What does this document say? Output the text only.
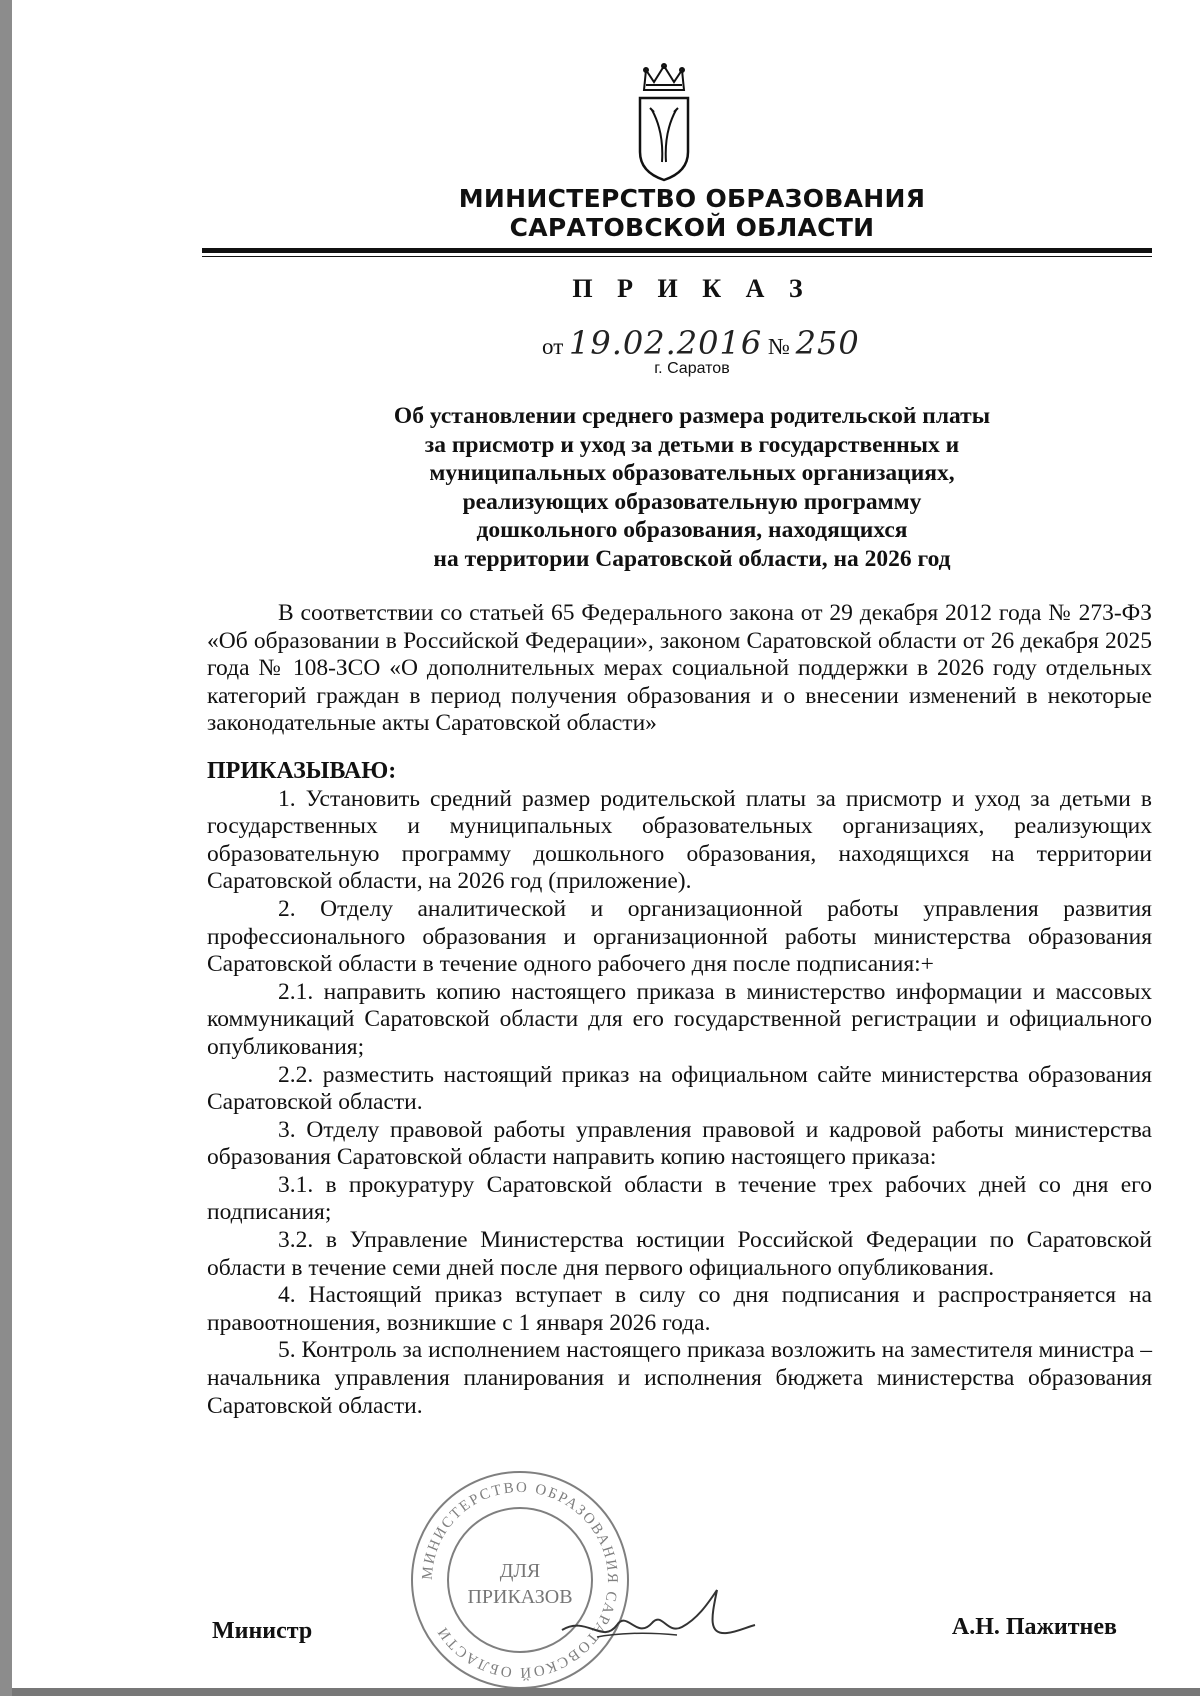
МИНИСТЕРСТВО ОБРАЗОВАНИЯ
САРАТОВСКОЙ ОБЛАСТИ
П Р И К А З
от 19.02.2016 № 250
г. Саратов
Об установлении среднего размера родительской платы
за присмотр и уход за детьми в государственных и
муниципальных образовательных организациях,
реализующих образовательную программу
дошкольного образования, находящихся
на территории Саратовской области, на 2026 год

В соответствии со статьей 65 Федерального закона от 29 декабря 2012 года № 273-ФЗ «Об образовании в Российской Федерации», законом Саратовской области от 26 декабря 2025 года № 108-ЗСО «О дополнительных мерах социальной поддержки в 2026 году отдельных категорий граждан в период получения образования и о внесении изменений в некоторые законодательные акты Саратовской области»

ПРИКАЗЫВАЮ:

1. Установить средний размер родительской платы за присмотр и уход за детьми в государственных и муниципальных образовательных организациях, реализующих образовательную программу дошкольного образования, находящихся на территории Саратовской области, на 2026 год (приложение).

2. Отделу аналитической и организационной работы управления развития профессионального образования и организационной работы министерства образования Саратовской области в течение одного рабочего дня после подписания:+

2.1. направить копию настоящего приказа в министерство информации и массовых коммуникаций Саратовской области для его государственной регистрации и официального опубликования;

2.2. разместить настоящий приказ на официальном сайте министерства образования Саратовской области.

3. Отделу правовой работы управления правовой и кадровой работы министерства образования Саратовской области направить копию настоящего приказа:

3.1. в прокуратуру Саратовской области в течение трех рабочих дней со дня его подписания;

3.2. в Управление Министерства юстиции Российской Федерации по Саратовской области в течение семи дней после дня первого официального опубликования.

4. Настоящий приказ вступает в силу со дня подписания и распространяется на правоотношения, возникшие с 1 января 2026 года.

5. Контроль за исполнением настоящего приказа возложить на заместителя министра – начальника управления планирования и исполнения бюджета министерства образования Саратовской области.

МИНИСТЕРСТВО ОБРАЗОВАНИЯ САРАТОВСКОЙ ОБЛАСТИ
ДЛЯ
ПРИКАЗОВ
Министр	А.Н. Пажитнев
